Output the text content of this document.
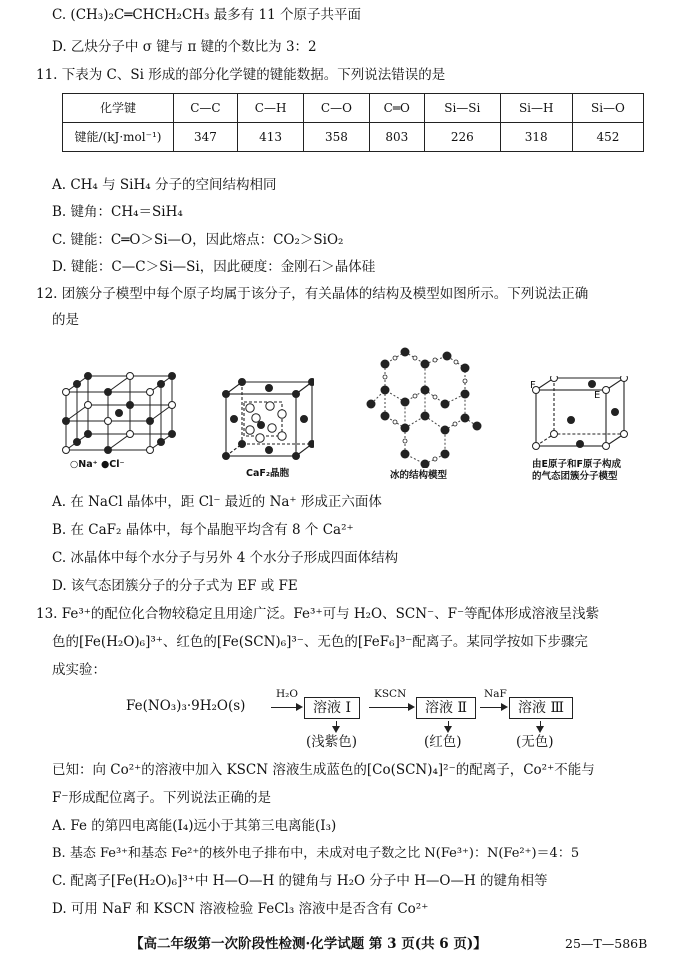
C. (CH₃)₂C═CHCH₂CH₃ 最多有 11 个原子共平面
D. 乙炔分子中 σ 键与 π 键的个数比为 3：2
11. 下表为 C、Si 形成的部分化学键的键能数据。下列说法错误的是
化学键	C—C	C—H	C—O	C═O	Si—Si	Si—H	Si—O
键能/(kJ·mol⁻¹)	347	413	358	803	226	318	452
A. CH₄ 与 SiH₄ 分子的空间结构相同
B. 键角：CH₄＝SiH₄
C. 键能：C═O＞Si—O，因此熔点：CO₂＞SiO₂
D. 键能：C—C＞Si—Si，因此硬度：金刚石＞晶体硅
12. 团簇分子模型中每个原子均属于该分子，有关晶体的结构及模型如图所示。下列说法正确
的是
○Na⁺ ●Cl⁻
CaF₂晶胞	冰的结构模型
F
E
由E原子和F原子构成
的气态团簇分子模型
A. 在 NaCl 晶体中，距 Cl⁻ 最近的 Na⁺ 形成正六面体
B. 在 CaF₂ 晶体中，每个晶胞平均含有 8 个 Ca²⁺
C. 冰晶体中每个水分子与另外 4 个水分子形成四面体结构
D. 该气态团簇分子的分子式为 EF 或 FE
13. Fe³⁺的配位化合物较稳定且用途广泛。Fe³⁺可与 H₂O、SCN⁻、F⁻等配体形成溶液呈浅紫
色的[Fe(H₂O)₆]³⁺、红色的[Fe(SCN)₆]³⁻、无色的[FeF₆]³⁻配离子。某同学按如下步骤完
成实验：
Fe(NO₃)₃·9H₂O(s)
H₂O
溶液 Ⅰ
KSCN
溶液 Ⅱ
NaF
溶液 Ⅲ
(浅紫色)	(红色)	(无色)
已知：向 Co²⁺的溶液中加入 KSCN 溶液生成蓝色的[Co(SCN)₄]²⁻的配离子，Co²⁺不能与
F⁻形成配位离子。下列说法正确的是
A. Fe 的第四电离能(I₄)远小于其第三电离能(I₃)
B. 基态 Fe³⁺和基态 Fe²⁺的核外电子排布中，未成对电子数之比 N(Fe³⁺)：N(Fe²⁺)＝4：5
C. 配离子[Fe(H₂O)₆]³⁺中 H—O—H 的键角与 H₂O 分子中 H—O—H 的键角相等
D. 可用 NaF 和 KSCN 溶液检验 FeCl₃ 溶液中是否含有 Co²⁺
【高二年级第一次阶段性检测·化学试题 第 3 页(共 6 页)】	25—T—586B
